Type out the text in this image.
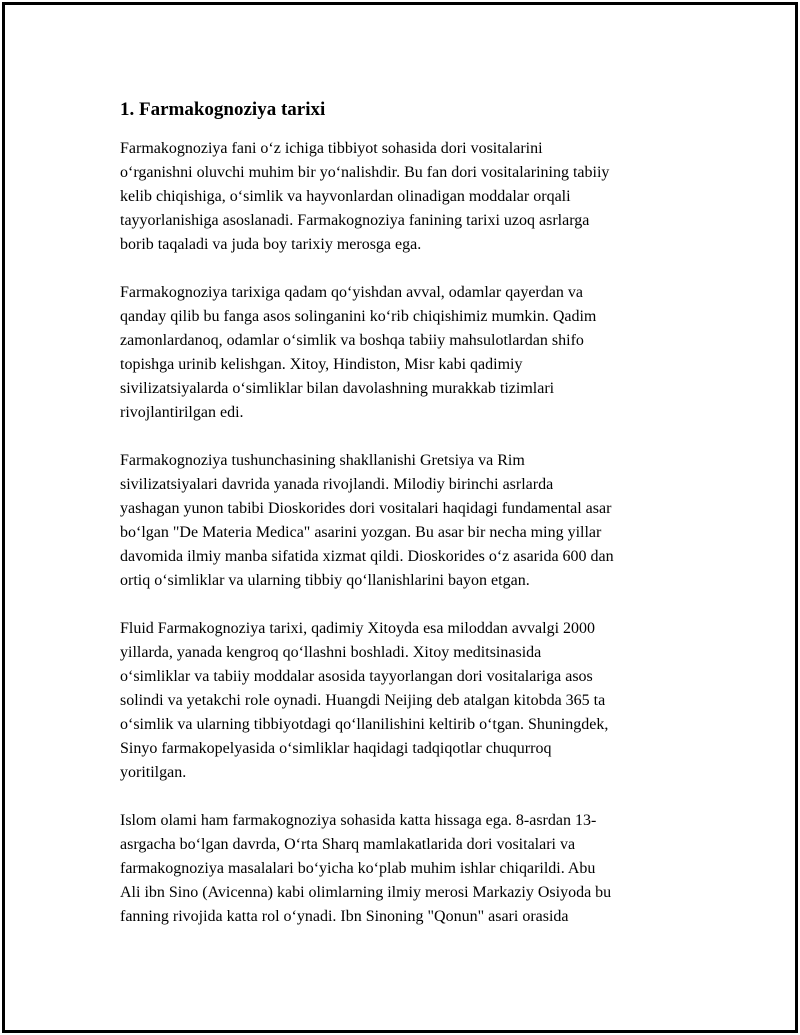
1. Farmakognoziya tarixi

Farmakognoziya fani o‘z ichiga tibbiyot sohasida dori vositalarini
o‘rganishni oluvchi muhim bir yo‘nalishdir. Bu fan dori vositalarining tabiiy
kelib chiqishiga, o‘simlik va hayvonlardan olinadigan moddalar orqali
tayyorlanishiga asoslanadi. Farmakognoziya fanining tarixi uzoq asrlarga
borib taqaladi va juda boy tarixiy merosga ega.

Farmakognoziya tarixiga qadam qo‘yishdan avval, odamlar qayerdan va
qanday qilib bu fanga asos solinganini ko‘rib chiqishimiz mumkin. Qadim
zamonlardanoq, odamlar o‘simlik va boshqa tabiiy mahsulotlardan shifo
topishga urinib kelishgan. Xitoy, Hindiston, Misr kabi qadimiy
sivilizatsiyalarda o‘simliklar bilan davolashning murakkab tizimlari
rivojlantirilgan edi.

Farmakognoziya tushunchasining shakllanishi Gretsiya va Rim
sivilizatsiyalari davrida yanada rivojlandi. Milodiy birinchi asrlarda
yashagan yunon tabibi Dioskorides dori vositalari haqidagi fundamental asar
bo‘lgan "De Materia Medica" asarini yozgan. Bu asar bir necha ming yillar
davomida ilmiy manba sifatida xizmat qildi. Dioskorides o‘z asarida 600 dan
ortiq o‘simliklar va ularning tibbiy qo‘llanishlarini bayon etgan.

Fluid Farmakognoziya tarixi, qadimiy Xitoyda esa miloddan avvalgi 2000
yillarda, yanada kengroq qo‘llashni boshladi. Xitoy meditsinasida
o‘simliklar va tabiiy moddalar asosida tayyorlangan dori vositalariga asos
solindi va yetakchi role oynadi. Huangdi Neijing deb atalgan kitobda 365 ta
o‘simlik va ularning tibbiyotdagi qo‘llanilishini keltirib o‘tgan. Shuningdek,
Sinyo farmakopelyasida o‘simliklar haqidagi tadqiqotlar chuqurroq
yoritilgan.

Islom olami ham farmakognoziya sohasida katta hissaga ega. 8-asrdan 13-
asrgacha bo‘lgan davrda, O‘rta Sharq mamlakatlarida dori vositalari va
farmakognoziya masalalari bo‘yicha ko‘plab muhim ishlar chiqarildi. Abu
Ali ibn Sino (Avicenna) kabi olimlarning ilmiy merosi Markaziy Osiyoda bu
fanning rivojida katta rol o‘ynadi. Ibn Sinoning "Qonun" asari orasida
